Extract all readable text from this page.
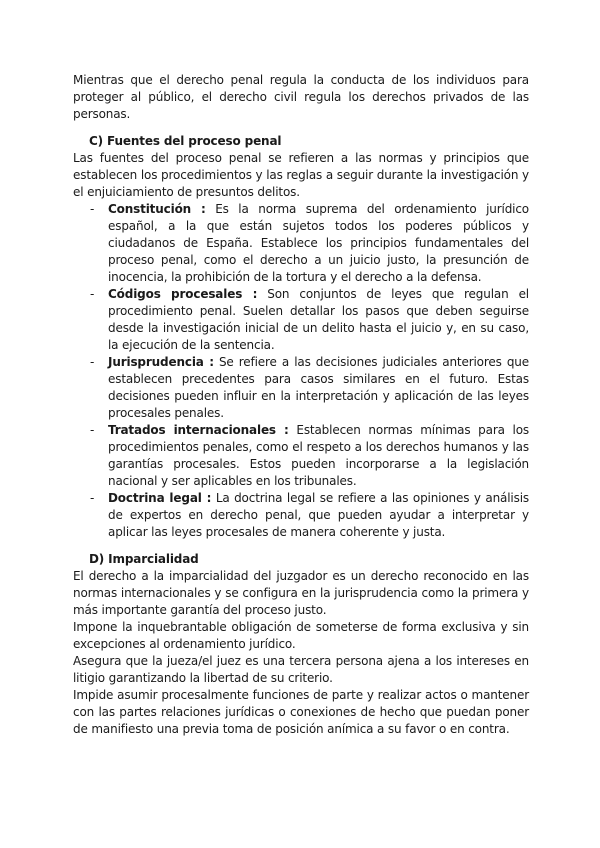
Mientras que el derecho penal regula la conducta de los individuos para proteger al público, el derecho civil regula los derechos privados de las personas.

C) Fuentes del proceso penal

Las fuentes del proceso penal se refieren a las normas y principios que establecen los procedimientos y las reglas a seguir durante la investigación y el enjuiciamiento de presuntos delitos.

- Constitución : Es la norma suprema del ordenamiento jurídico español, a la que están sujetos todos los poderes públicos y ciudadanos de España. Establece los principios fundamentales del proceso penal, como el derecho a un juicio justo, la presunción de inocencia, la prohibición de la tortura y el derecho a la defensa.
- Códigos procesales : Son conjuntos de leyes que regulan el procedimiento penal. Suelen detallar los pasos que deben seguirse desde la investigación inicial de un delito hasta el juicio y, en su caso, la ejecución de la sentencia.
- Jurisprudencia : Se refiere a las decisiones judiciales anteriores que establecen precedentes para casos similares en el futuro. Estas decisiones pueden influir en la interpretación y aplicación de las leyes procesales penales.
- Tratados internacionales : Establecen normas mínimas para los procedimientos penales, como el respeto a los derechos humanos y las garantías procesales. Estos pueden incorporarse a la legislación nacional y ser aplicables en los tribunales.
- Doctrina legal : La doctrina legal se refiere a las opiniones y análisis de expertos en derecho penal, que pueden ayudar a interpretar y aplicar las leyes procesales de manera coherente y justa.
D) Imparcialidad

El derecho a la imparcialidad del juzgador es un derecho reconocido en las normas internacionales y se configura en la jurisprudencia como la primera y más importante garantía del proceso justo.

Impone la inquebrantable obligación de someterse de forma exclusiva y sin excepciones al ordenamiento jurídico.

Asegura que la jueza/el juez es una tercera persona ajena a los intereses en litigio garantizando la libertad de su criterio.

Impide asumir procesalmente funciones de parte y realizar actos o mantener con las partes relaciones jurídicas o conexiones de hecho que puedan poner de manifiesto una previa toma de posición anímica a su favor o en contra.
